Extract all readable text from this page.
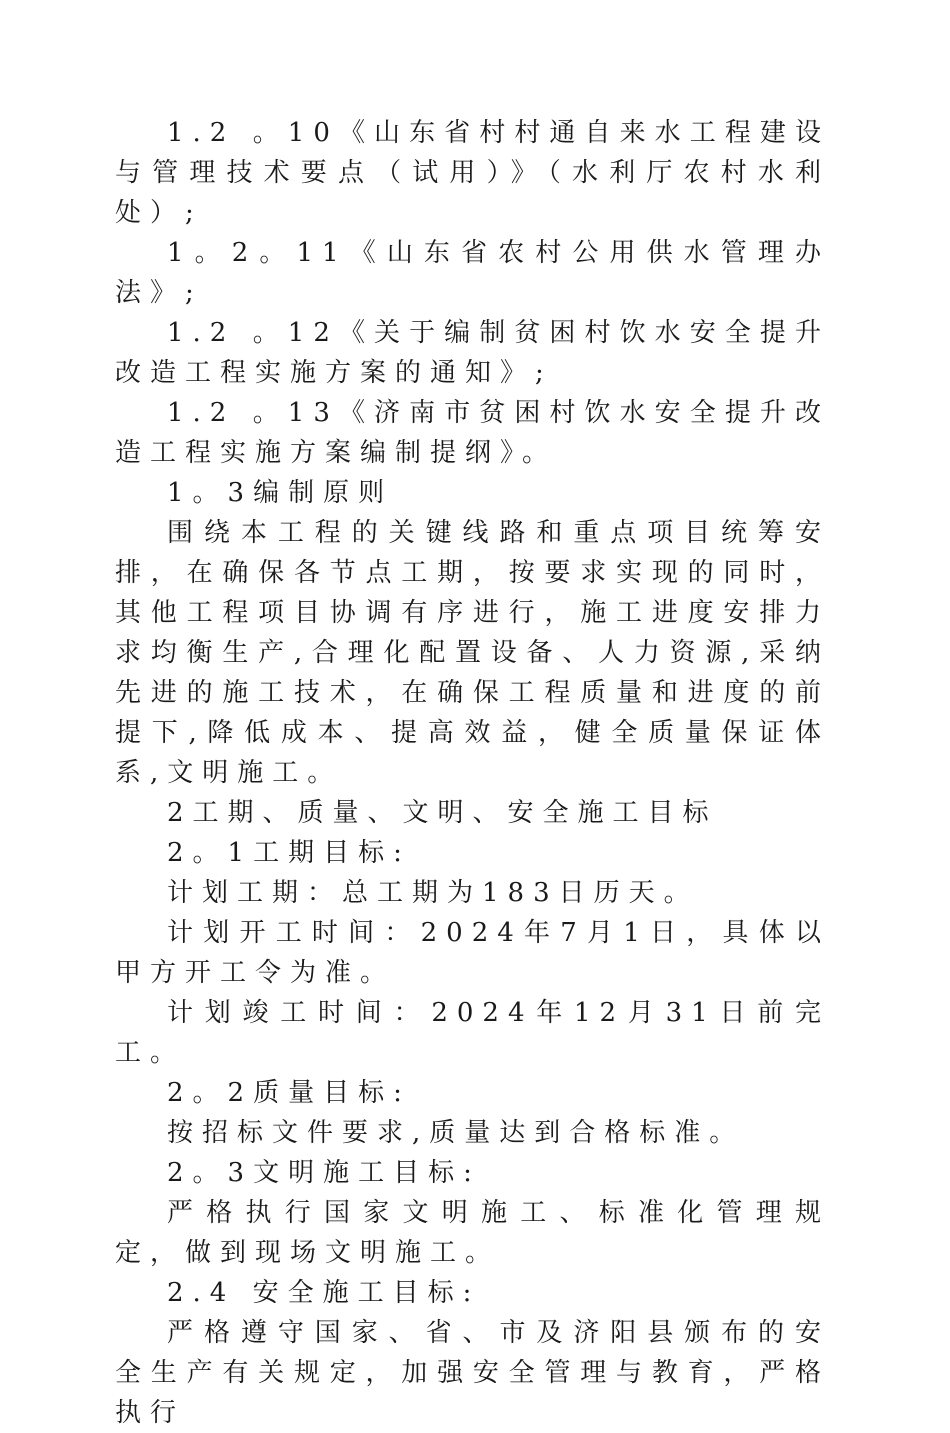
1.2 。10《山东省村村通自来水工程建设与管理技术要点（试用）》（水利厅农村水利处）;

1。2。11《山东省农村公用供水管理办法》;

1.2 。12《关于编制贫困村饮水安全提升改造工程实施方案的通知》;

1.2 。13《济南市贫困村饮水安全提升改造工程实施方案编制提纲》。

1。3编制原则

围绕本工程的关键线路和重点项目统筹安排，在确保各节点工期，按要求实现的同时，其他工程项目协调有序进行，施工进度安排力求均衡生产,合理化配置设备、人力资源,采纳先进的施工技术，在确保工程质量和进度的前提下,降低成本、提高效益，健全质量保证体系,文明施工。

2工期、质量、文明、安全施工目标

2。1工期目标:

计划工期：总工期为183日历天。

计划开工时间：2024年7月1日，具体以甲方开工令为准。

计划竣工时间：2024年12月31日前完工。

2。2质量目标:

按招标文件要求,质量达到合格标准。

2。3文明施工目标:

严格执行国家文明施工、标准化管理规定，做到现场文明施工。

2.4 安全施工目标:

严格遵守国家、省、市及济阳县颁布的安全生产有关规定，加强安全管理与教育，严格执行
